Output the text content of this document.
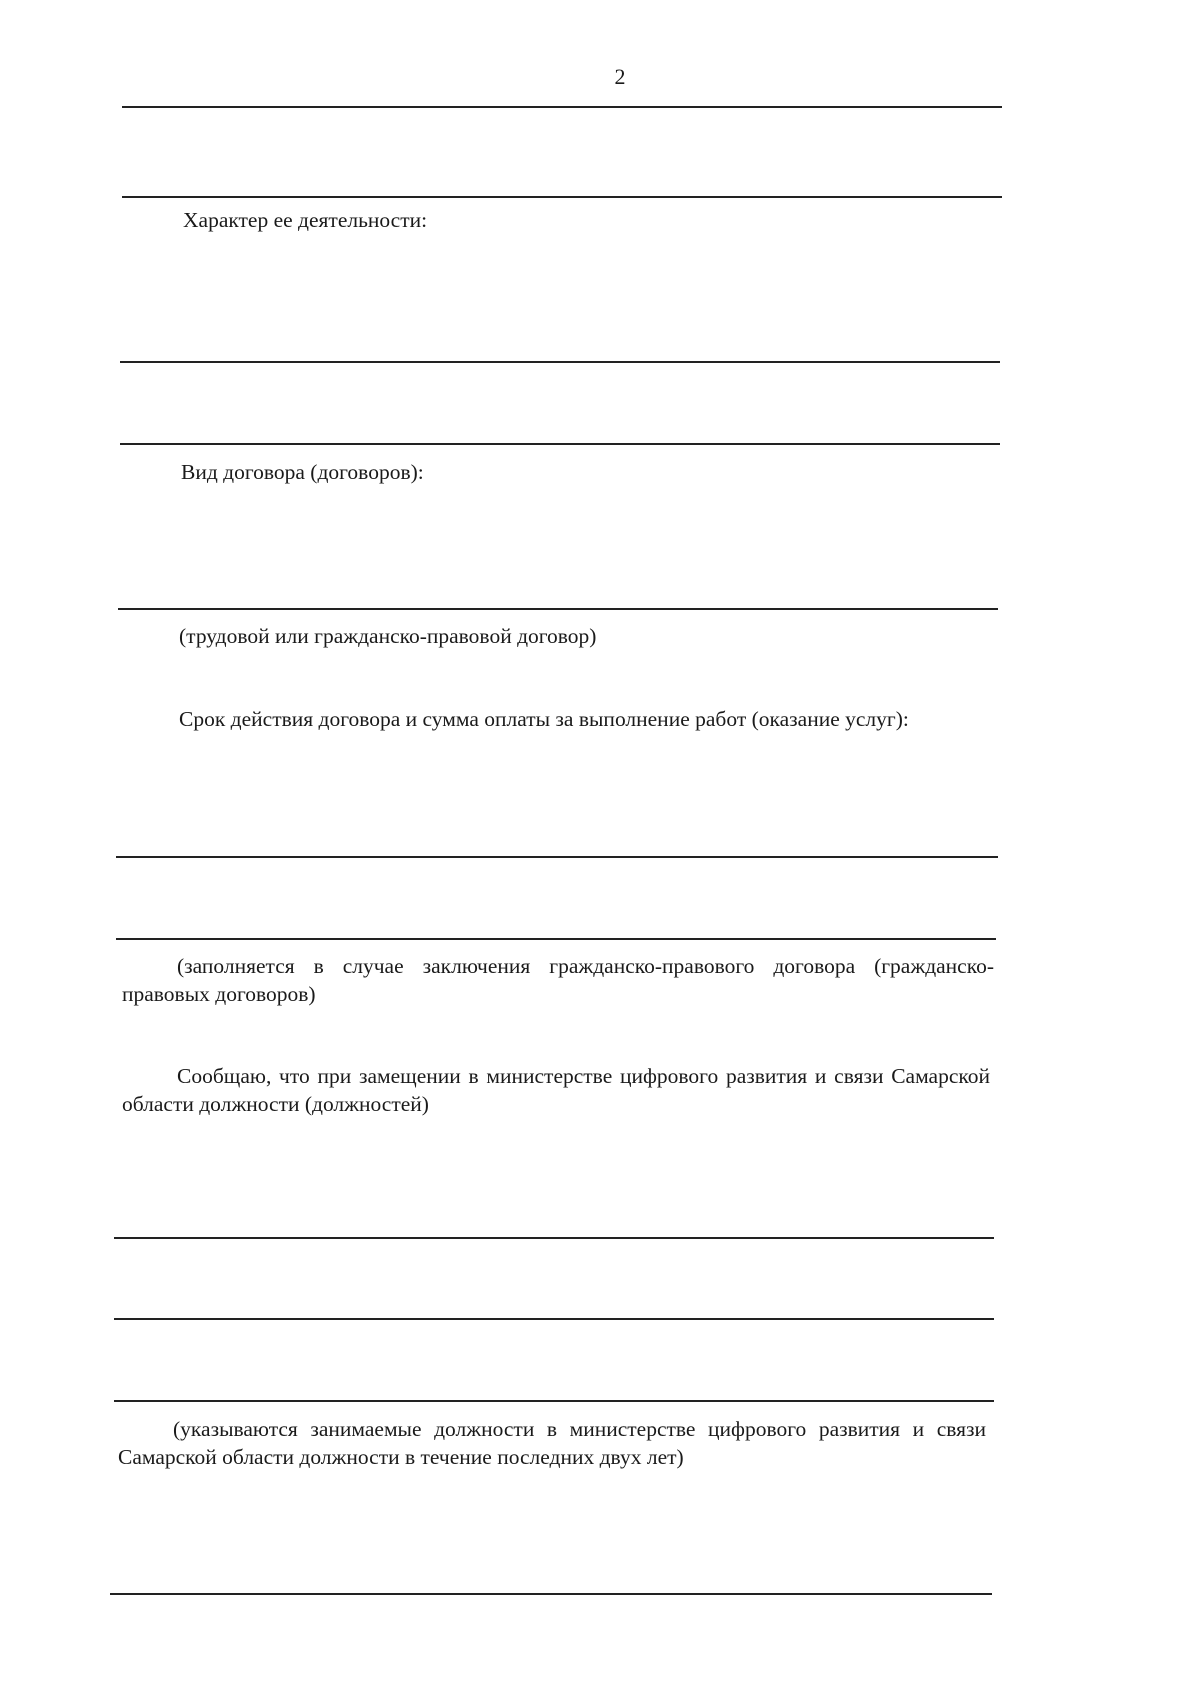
2
Характер ее деятельности:
Вид договора (договоров):
(трудовой или гражданско-правовой договор)
Срок действия договора и сумма оплаты за выполнение работ (оказание услуг):
(заполняется в случае заключения гражданско-правового договора (гражданско-правовых договоров)
Сообщаю, что при замещении в министерстве цифрового развития и связи Самарской области должности (должностей)
(указываются занимаемые должности в министерстве цифрового развития и связи Самарской области должности в течение последних двух лет)
